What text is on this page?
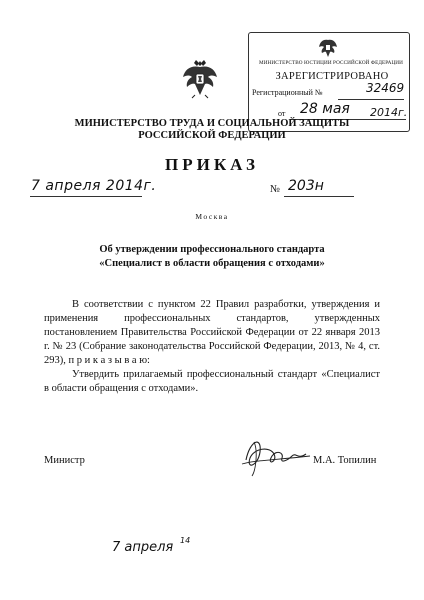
МИНИСТЕРСТВО ЮСТИЦИИ РОССИЙСКОЙ ФЕДЕРАЦИИ
ЗАРЕГИСТРИРОВАНО
Регистрационный №	32469
от 28 мая 2014г.
МИНИСТЕРСТВО ТРУДА И СОЦИАЛЬНОЙ ЗАЩИТЫ
РОССИЙСКОЙ ФЕДЕРАЦИИ
ПРИКАЗ
7 апреля 2014г.	№ 203н
Москва
Об утверждении профессионального стандарта
«Специалист в области обращения с отходами»

В соответствии с пунктом 22 Правил разработки, утверждения и применения профессиональных стандартов, утвержденных постановлением Правительства Российской Федерации от 22 января 2013 г. № 23 (Собрание законодательства Российской Федерации, 2013, № 4, ст. 293), п р и к а з ы в а ю:

Утвердить прилагаемый профессиональный стандарт «Специалист в области обращения с отходами».

Министр	М.А. Топилин
7 апреля 14
